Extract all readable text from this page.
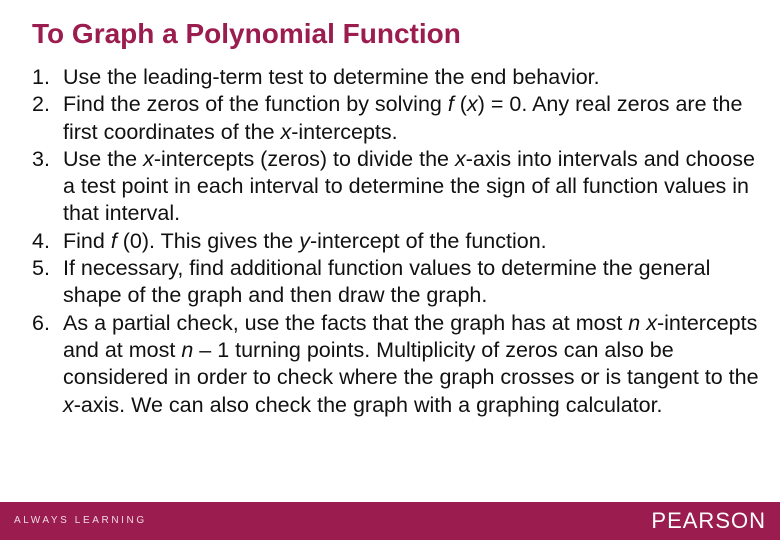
To Graph a Polynomial Function
1. Use the leading-term test to determine the end behavior.
2. Find the zeros of the function by solving f (x) = 0. Any real zeros are the first coordinates of the x-intercepts.
3. Use the x-intercepts (zeros) to divide the x-axis into intervals and choose a test point in each interval to determine the sign of all function values in that interval.
4. Find f (0). This gives the y-intercept of the function.
5. If necessary, find additional function values to determine the general shape of the graph and then draw the graph.
6. As a partial check, use the facts that the graph has at most n x-intercepts and at most n – 1 turning points. Multiplicity of zeros can also be considered in order to check where the graph crosses or is tangent to the x-axis. We can also check the graph with a graphing calculator.
ALWAYS LEARNING	PEARSON
